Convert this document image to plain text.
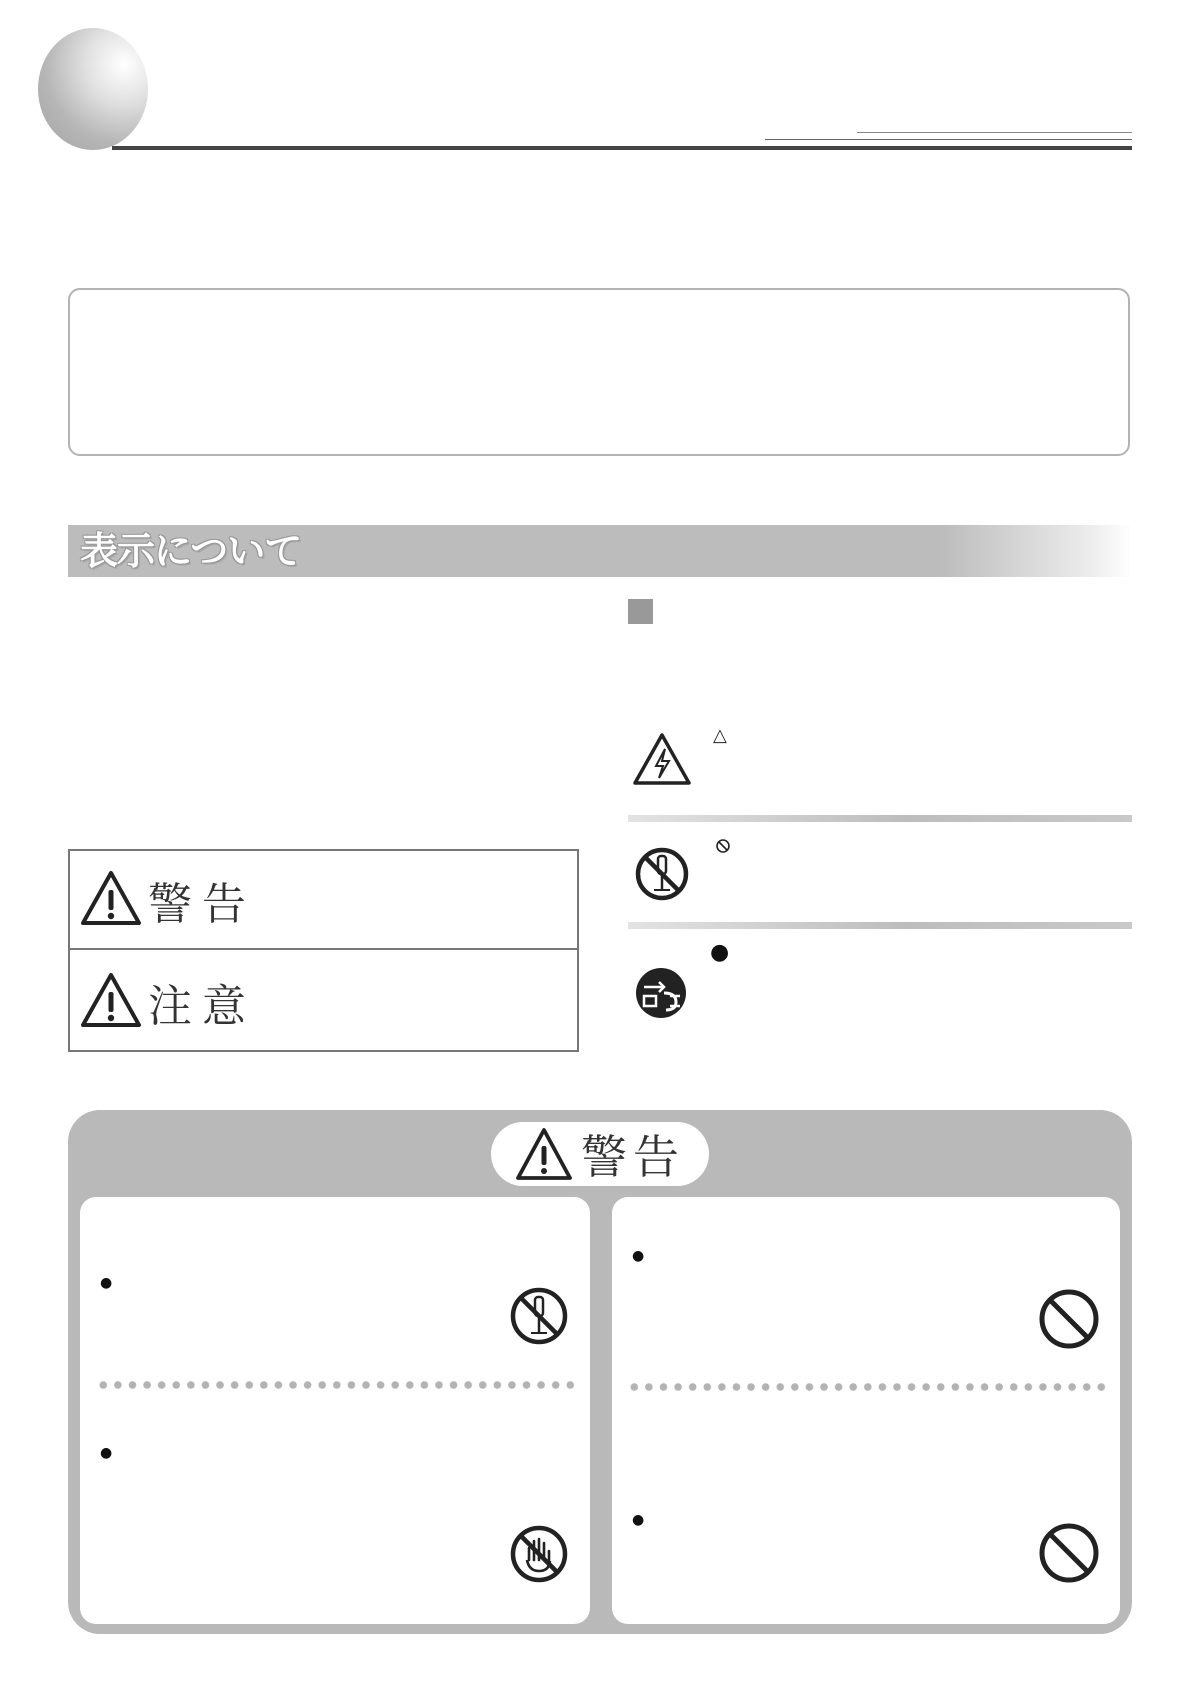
表示について
警告
注意
△
●
警告
●
●
●
●
